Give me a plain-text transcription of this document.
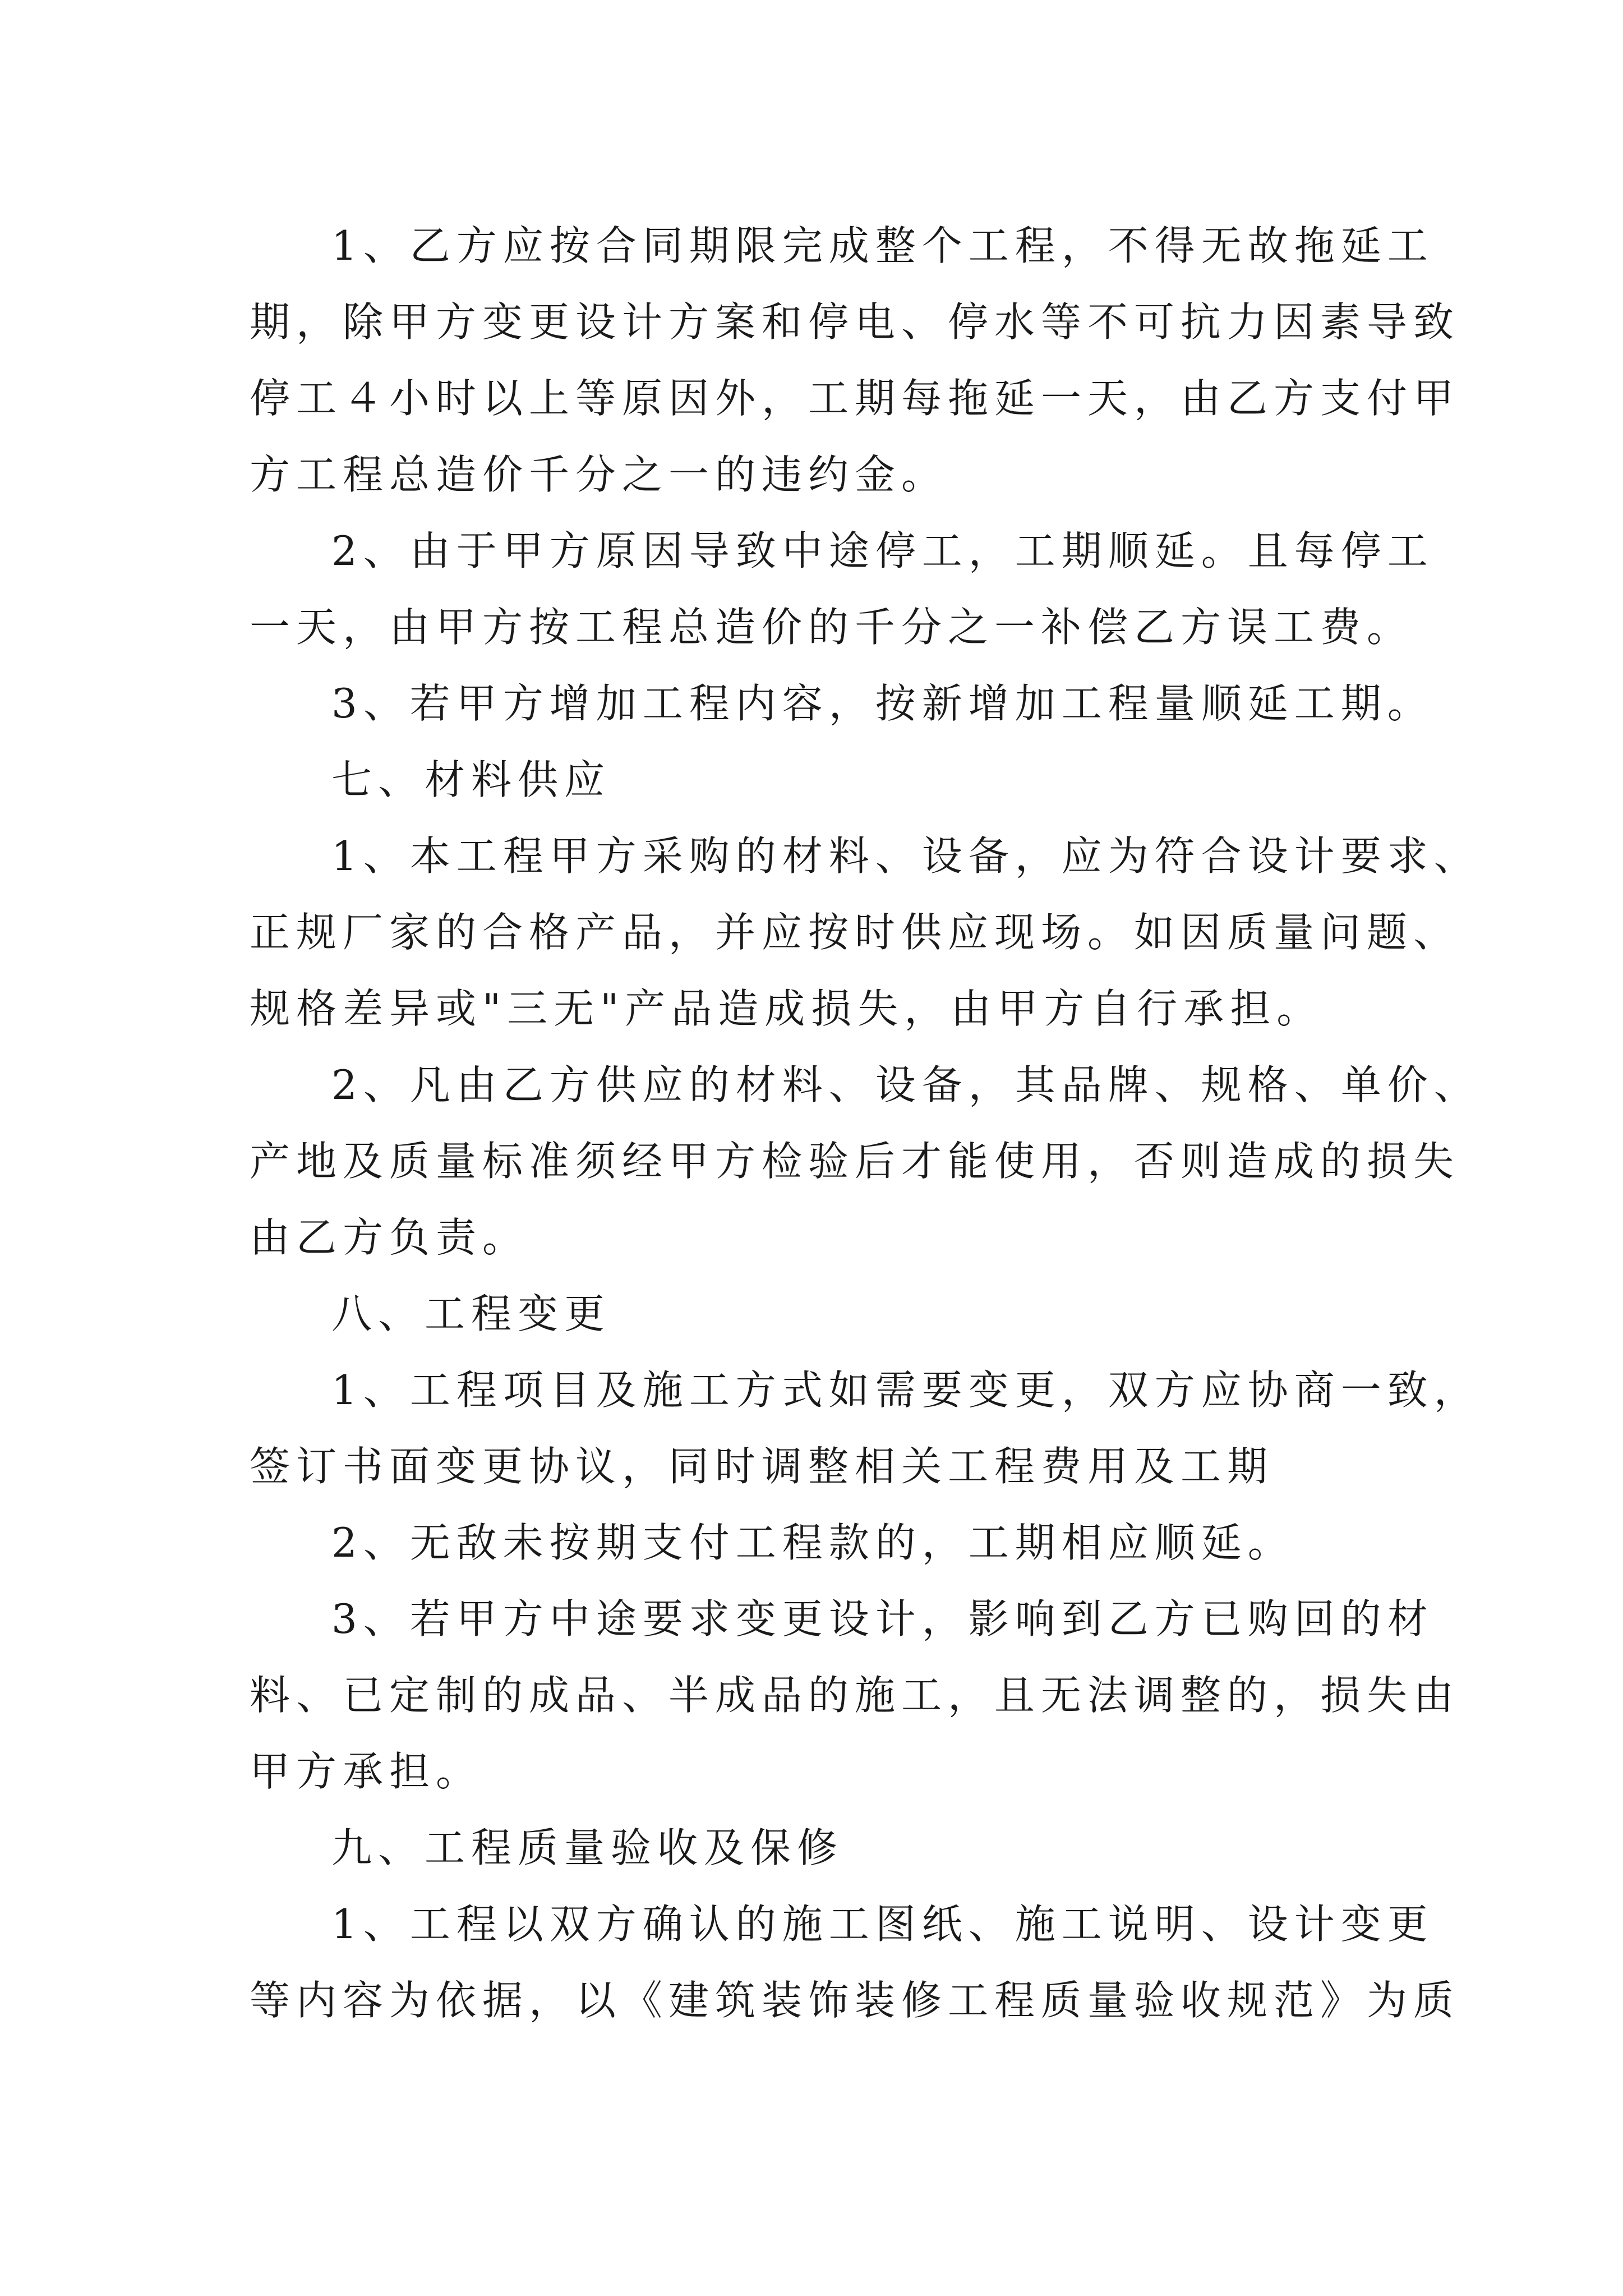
1、乙方应按合同期限完成整个工程，不得无故拖延工
期，除甲方变更设计方案和停电、停水等不可抗力因素导致
停工４小时以上等原因外，工期每拖延一天，由乙方支付甲
方工程总造价千分之一的违约金。
2、由于甲方原因导致中途停工，工期顺延。且每停工
一天，由甲方按工程总造价的千分之一补偿乙方误工费。
3、若甲方增加工程内容，按新增加工程量顺延工期。
七、材料供应
1、本工程甲方采购的材料、设备，应为符合设计要求、
正规厂家的合格产品，并应按时供应现场。如因质量问题、
规格差异或"三无"产品造成损失，由甲方自行承担。
2、凡由乙方供应的材料、设备，其品牌、规格、单价、
产地及质量标准须经甲方检验后才能使用，否则造成的损失
由乙方负责。
八、工程变更
1、工程项目及施工方式如需要变更，双方应协商一致，
签订书面变更协议，同时调整相关工程费用及工期
2、无敌未按期支付工程款的，工期相应顺延。
3、若甲方中途要求变更设计，影响到乙方已购回的材
料、已定制的成品、半成品的施工，且无法调整的，损失由
甲方承担。
九、工程质量验收及保修
1、工程以双方确认的施工图纸、施工说明、设计变更
等内容为依据，以《建筑装饰装修工程质量验收规范》为质
